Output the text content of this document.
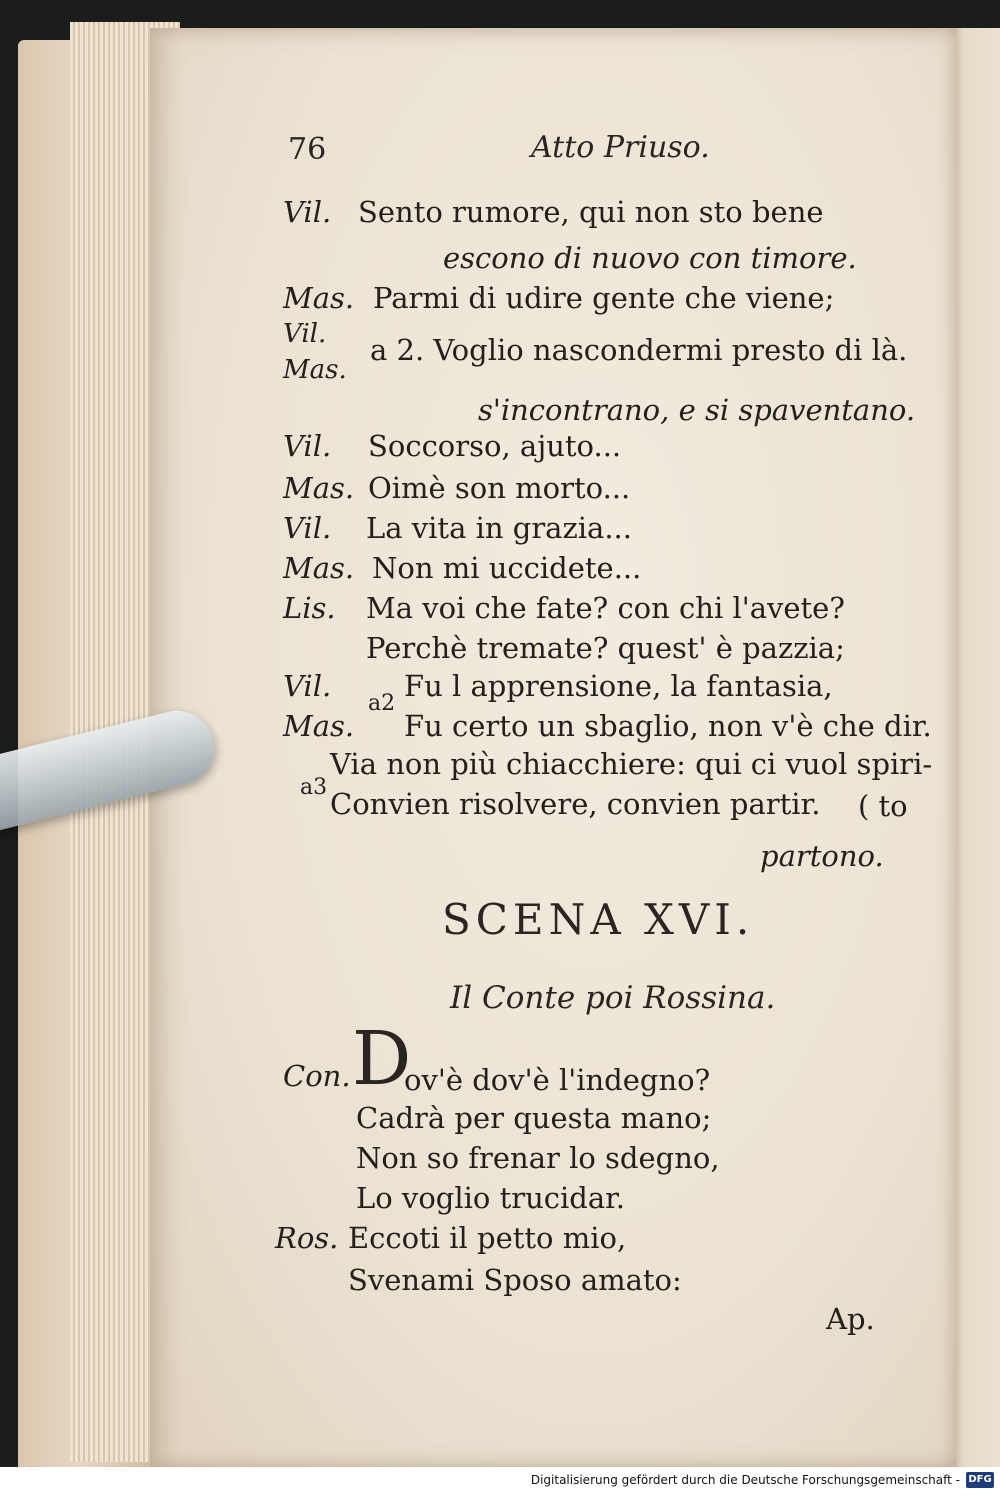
76	Atto Priuso.
Vil. Sento rumore, qui non sto bene
escono di nuovo con timore.
Mas. Parmi di udire gente che viene;
Vil. a 2. Voglio nascondermi presto di là.
Mas.
s'incontrano, e si spaventano.
Vil. Soccorso, ajuto...
Mas. Oimè son morto...
Vil. La vita in grazia...
Mas. Non mi uccidete...
Lis. Ma voi che fate? con chi l'avete?
Perchè tremate? quest' è pazzia;
Vil.	Fu l apprensione, la fantasia,
a2
Mas. Fu certo un sbaglio, non v'è che dir.
Via non più chiacchiere: qui ci vuol spiri-
a3 Convien risolvere, convien partir. ( to
partono.
SCENA XVI.
Il Conte poi Rossina.
Con. D
ov'è dov'è l'indegno?
Cadrà per questa mano;
Non so frenar lo sdegno,
Lo voglio trucidar.
Ros. Eccoti il petto mio,
Svenami Sposo amato:
Ap.
Digitalisierung gefördert durch die Deutsche Forschungsgemeinschaft - DFG
